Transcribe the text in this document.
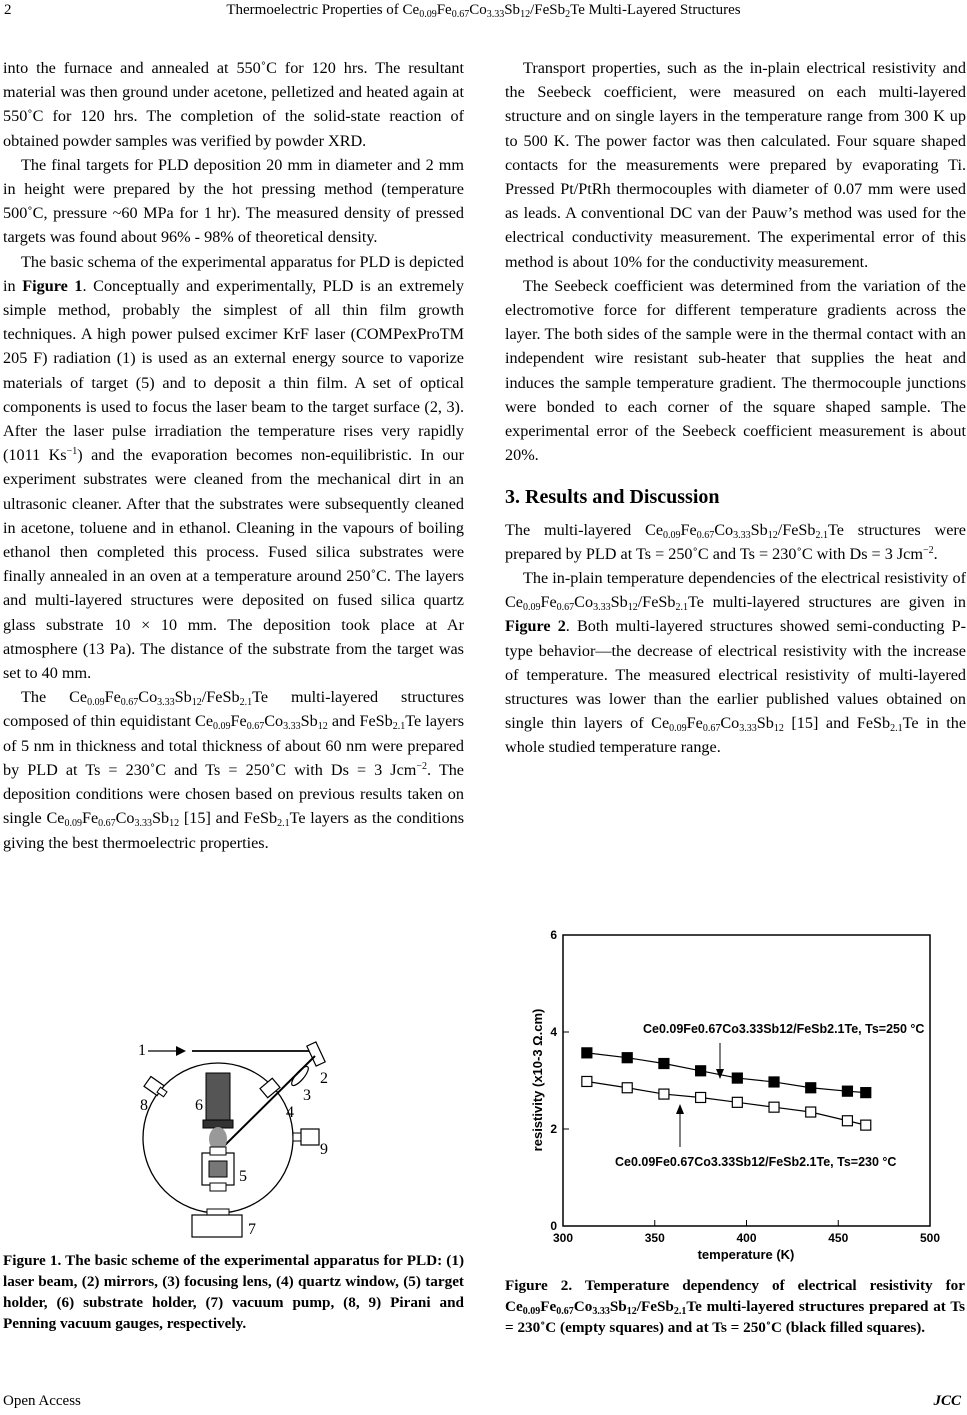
2	Thermoelectric Properties of $Ce_{0.09}Fe_{0.67}Co_{3.33}Sb_{12}/FeSb_2Te$ Multi-Layered Structures

into the furnace and annealed at 550˚C for 120 hrs. The resultant material was then ground under acetone, pelletized and heated again at 550˚C for 120 hrs. The completion of the solid-state reaction of obtained powder samples was verified by powder XRD.

The final targets for PLD deposition 20 mm in diameter and 2 mm in height were prepared by the hot pressing method (temperature 500˚C, pressure ~60 MPa for 1 hr). The measured density of pressed targets was found about 96% - 98% of theoretical density.

The basic schema of the experimental apparatus for PLD is depicted in Figure 1. Conceptually and experimentally, PLD is an extremely simple method, probably the simplest of all thin film growth techniques. A high power pulsed excimer KrF laser (COMPexProTM 205 F) radiation (1) is used as an external energy source to vaporize materials of target (5) and to deposit a thin film. A set of optical components is used to focus the laser beam to the target surface (2, 3). After the laser pulse irradiation the temperature rises very rapidly (1011 $Ks^{-1}$) and the evaporation becomes non-equilibristic. In our experiment substrates were cleaned from the mechanical dirt in an ultrasonic cleaner. After that the substrates were subsequently cleaned in acetone, toluene and in ethanol. Cleaning in the vapours of boiling ethanol then completed this process. Fused silica substrates were finally annealed in an oven at a temperature around 250˚C. The layers and multi-layered structures were deposited on fused silica quartz glass substrate 10 × 10 mm. The deposition took place at Ar atmosphere (13 Pa). The distance of the substrate from the target was set to 40 mm.

The $Ce_{0.09}Fe_{0.67}Co_{3.33}Sb_{12}/FeSb_{2.1}Te$ multi-layered structures composed of thin equidistant $Ce_{0.09}Fe_{0.67}Co_{3.33}Sb_{12}$ and FeSb$_{2.1}$Te layers of 5 nm in thickness and total thickness of about 60 nm were prepared by PLD at Ts = 230˚C and Ts = 250˚C with Ds = 3 Jcm$^{-2}$. The deposition conditions were chosen based on previous results taken on single $Ce_{0.09}Fe_{0.67}Co_{3.33}Sb_{12}$ [15] and FeSb$_{2.1}$Te layers as the conditions giving the best thermoelectric properties.

1
2
3
4
5
6
7
8
9
Figure 1. The basic scheme of the experimental apparatus for PLD: (1) laser beam, (2) mirrors, (3) focusing lens, (4) quartz window, (5) target holder, (6) substrate holder, (7) vacuum pump, (8, 9) Pirani and Penning vacuum gauges, respectively.

Transport properties, such as the in-plain electrical resistivity and the Seebeck coefficient, were measured on each multi-layered structure and on single layers in the temperature range from 300 K up to 500 K. The power factor was then calculated. Four square shaped contacts for the measurements were prepared by evaporating Ti. Pressed Pt/PtRh thermocouples with diameter of 0.07 mm were used as leads. A conventional DC van der Pauw’s method was used for the electrical conductivity measurement. The experimental error of this method is about 10% for the conductivity measurement.

The Seebeck coefficient was determined from the variation of the electromotive force for different temperature gradients across the layer. The both sides of the sample were in the thermal contact with an independent wire resistant sub-heater that supplies the heat and induces the sample temperature gradient. The thermocouple junctions were bonded to each corner of the square shaped sample. The experimental error of the Seebeck coefficient measurement is about 20%.

3. Results and Discussion

The multi-layered $Ce_{0.09}Fe_{0.67}Co_{3.33}Sb_{12}/FeSb_{2.1}Te$ structures were prepared by PLD at Ts = 250˚C and Ts = 230˚C with Ds = 3 Jcm$^{-2}$.

The in-plain temperature dependencies of the electrical resistivity of $Ce_{0.09}Fe_{0.67}Co_{3.33}Sb_{12}/FeSb_{2.1}Te$ multi-layered structures are given in Figure 2. Both multi-layered structures showed semi-conducting P-type behavior—the decrease of electrical resistivity with the increase of temperature. The measured electrical resistivity of multi-layered structures was lower than the earlier published values obtained on single thin layers of $Ce_{0.09}Fe_{0.67}Co_{3.33}Sb_{12}$ [15] and FeSb$_{2.1}$Te in the whole studied temperature range.

300	350	400	450	500
0
2
4
6
temperature (K)
resistivity (x10-3 Ω.cm)	Ce0.09Fe0.67Co3.33Sb12/FeSb2.1Te, Ts=250 °C
Ce0.09Fe0.67Co3.33Sb12/FeSb2.1Te, Ts=230 °C
Figure 2. Temperature dependency of electrical resistivity for $Ce_{0.09}Fe_{0.67}Co_{3.33}Sb_{12}/FeSb_{2.1}Te$ multi-layered structures prepared at Ts = 230˚C (empty squares) and at Ts = 250˚C (black filled squares).
Open Access	JCC
